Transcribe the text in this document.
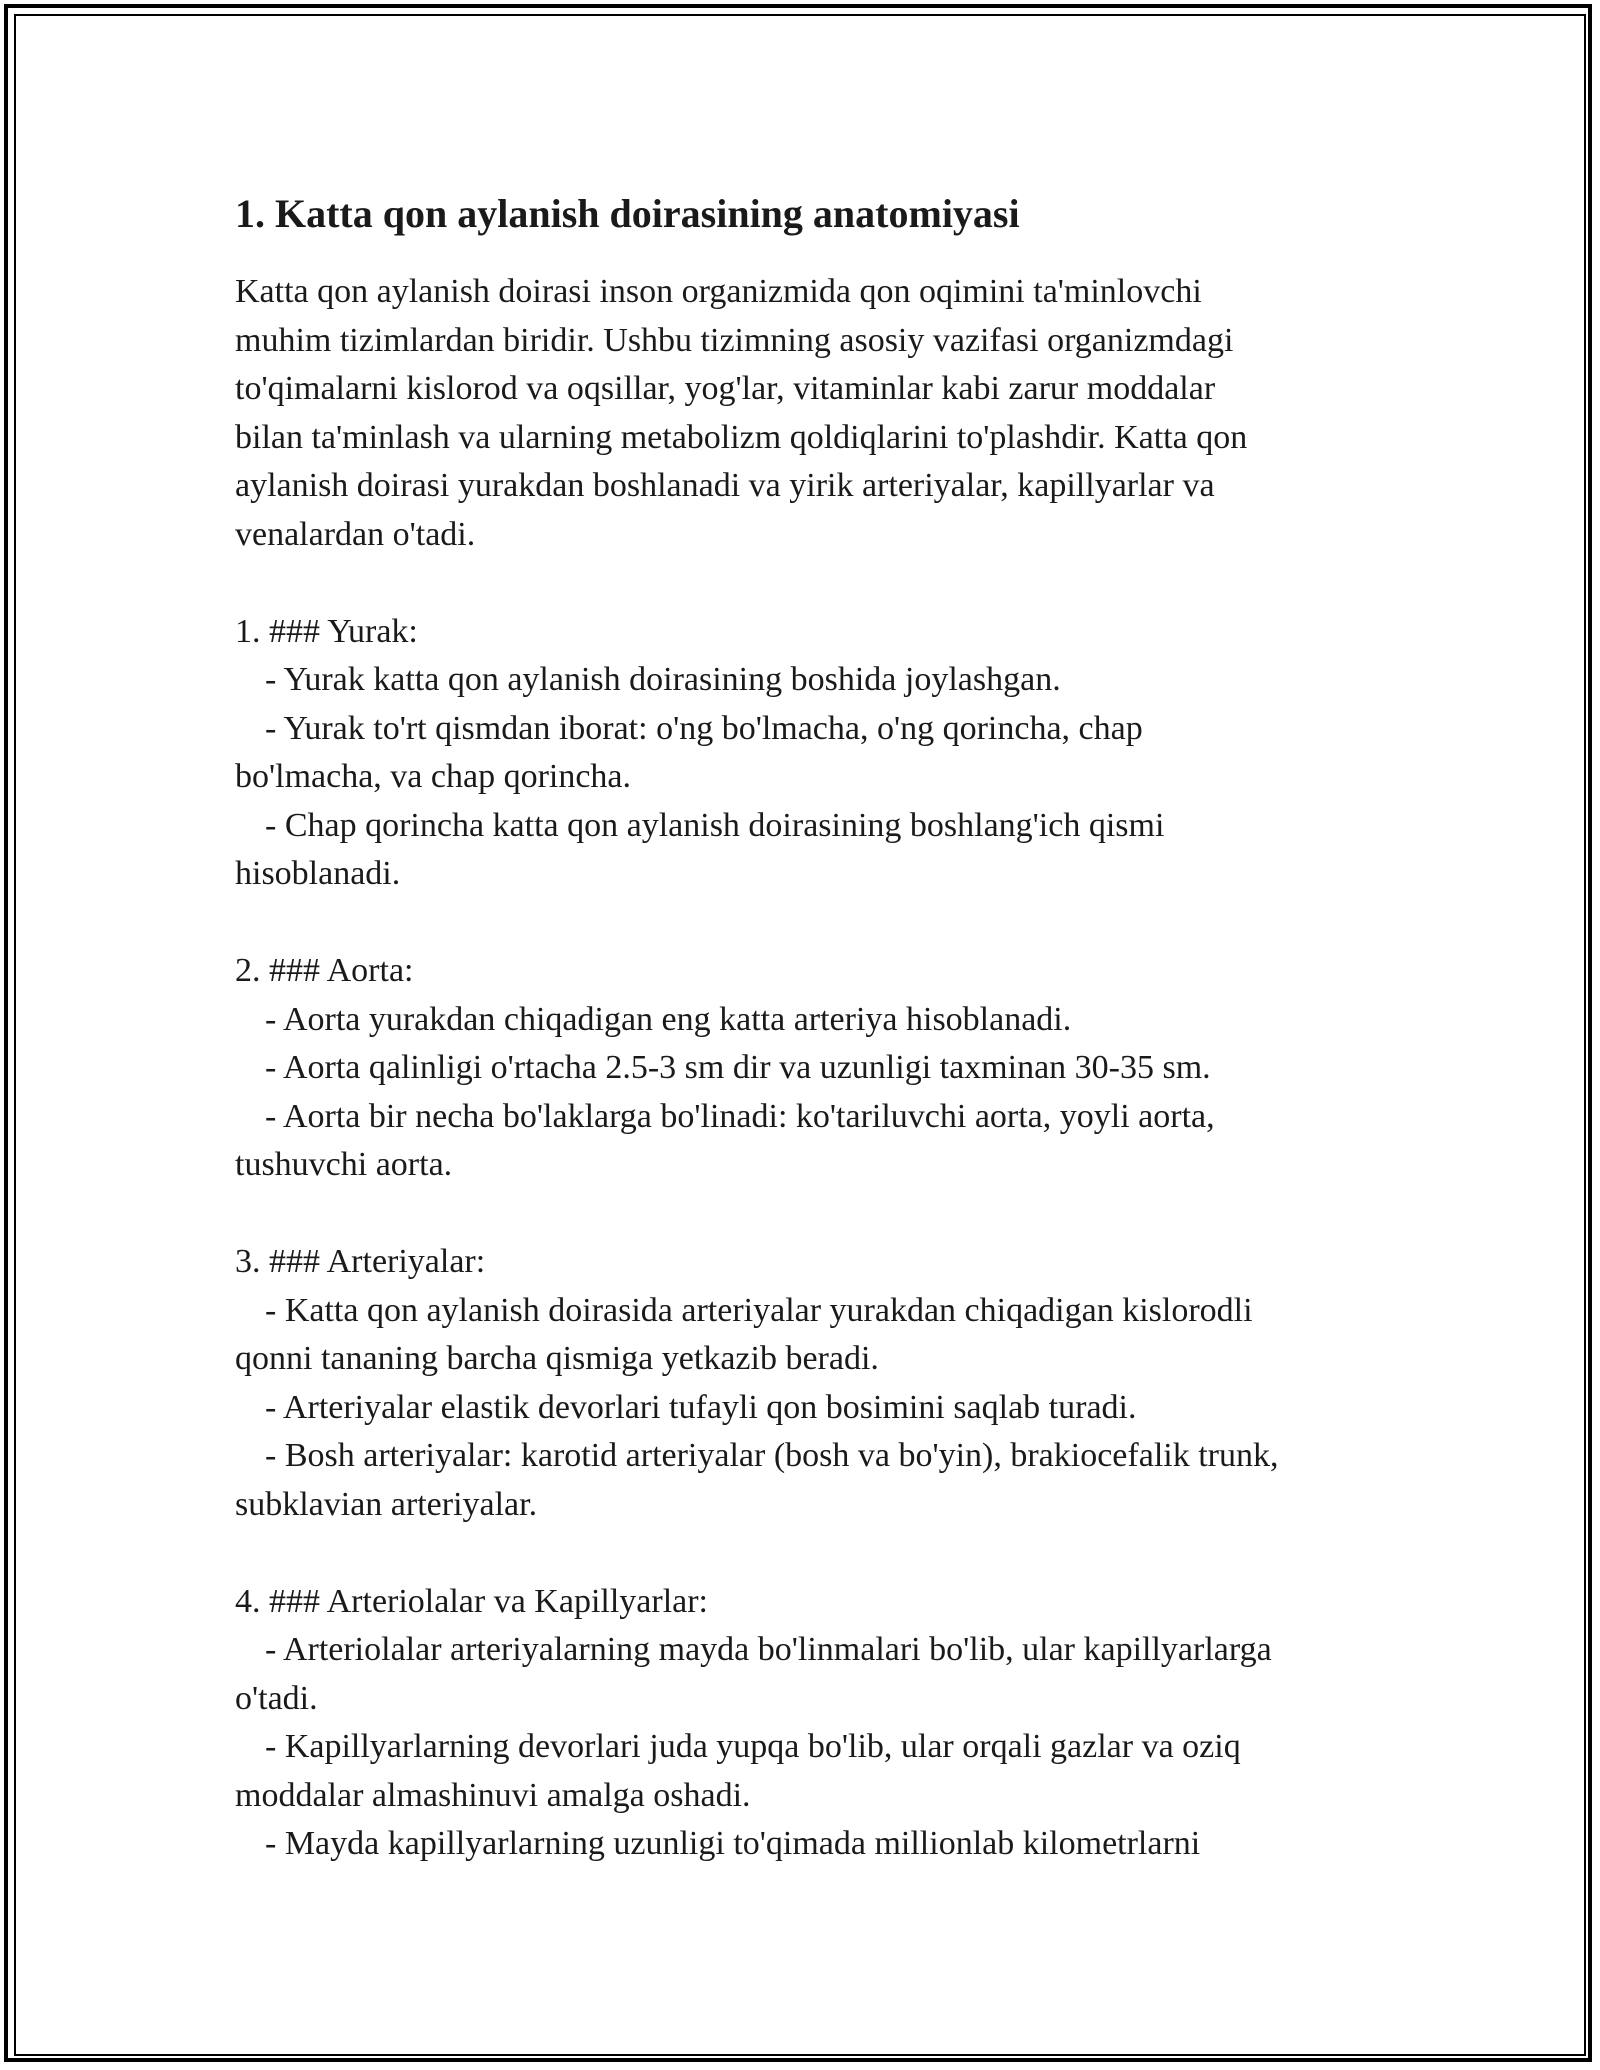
1. Katta qon aylanish doirasining anatomiyasi

Katta qon aylanish doirasi inson organizmida qon oqimini ta'minlovchi

muhim tizimlardan biridir. Ushbu tizimning asosiy vazifasi organizmdagi

to'qimalarni kislorod va oqsillar, yog'lar, vitaminlar kabi zarur moddalar

bilan ta'minlash va ularning metabolizm qoldiqlarini to'plashdir. Katta qon

aylanish doirasi yurakdan boshlanadi va yirik arteriyalar, kapillyarlar va

venalardan o'tadi.

1. ### Yurak:

- Yurak katta qon aylanish doirasining boshida joylashgan.

- Yurak to'rt qismdan iborat: o'ng bo'lmacha, o'ng qorincha, chap

bo'lmacha, va chap qorincha.

- Chap qorincha katta qon aylanish doirasining boshlang'ich qismi

hisoblanadi.

2. ### Aorta:

- Aorta yurakdan chiqadigan eng katta arteriya hisoblanadi.

- Aorta qalinligi o'rtacha 2.5-3 sm dir va uzunligi taxminan 30-35 sm.

- Aorta bir necha bo'laklarga bo'linadi: ko'tariluvchi aorta, yoyli aorta,

tushuvchi aorta.

3. ### Arteriyalar:

- Katta qon aylanish doirasida arteriyalar yurakdan chiqadigan kislorodli

qonni tananing barcha qismiga yetkazib beradi.

- Arteriyalar elastik devorlari tufayli qon bosimini saqlab turadi.

- Bosh arteriyalar: karotid arteriyalar (bosh va bo'yin), brakiocefalik trunk,

subklavian arteriyalar.

4. ### Arteriolalar va Kapillyarlar:

- Arteriolalar arteriyalarning mayda bo'linmalari bo'lib, ular kapillyarlarga

o'tadi.

- Kapillyarlarning devorlari juda yupqa bo'lib, ular orqali gazlar va oziq

moddalar almashinuvi amalga oshadi.

- Mayda kapillyarlarning uzunligi to'qimada millionlab kilometrlarni
